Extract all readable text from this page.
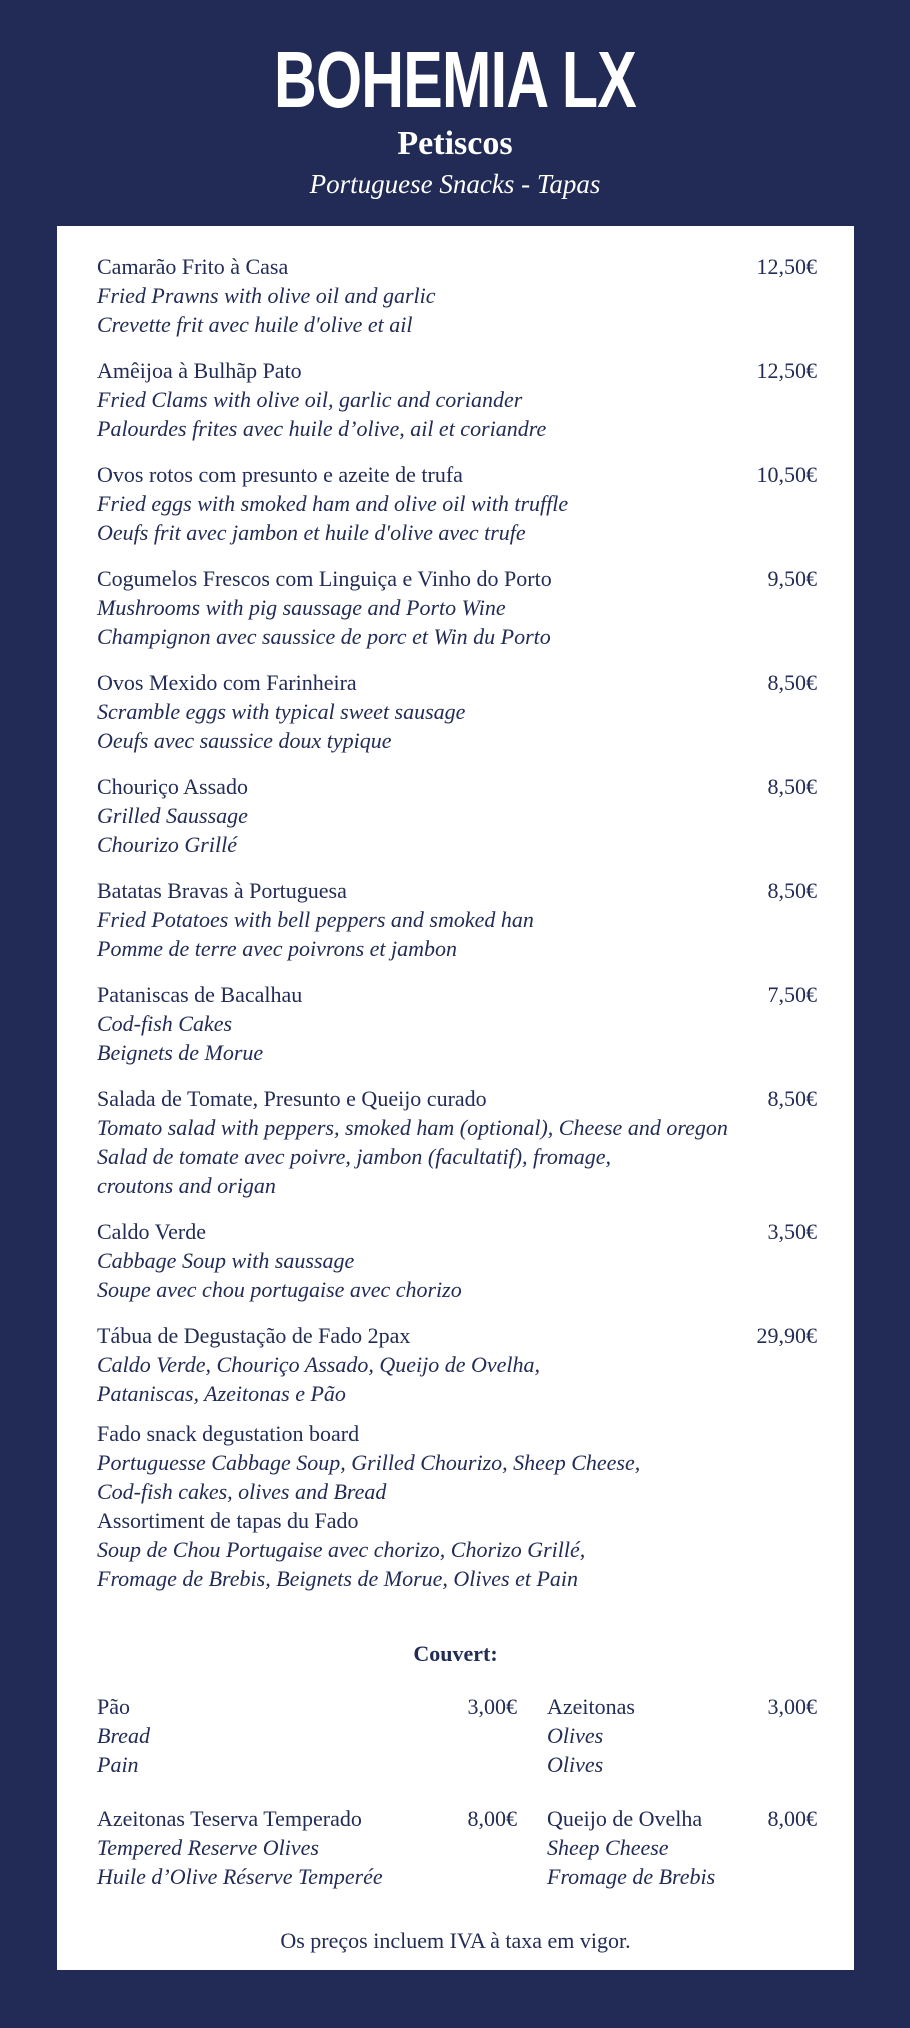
BOHEMIA LX
Petiscos
Portuguese Snacks - Tapas
Camarão Frito à Casa	12,50€
Fried Prawns with olive oil and garlic
Crevette frit avec huile d'olive et ail
Amêijoa à Bulhãp Pato	12,50€
Fried Clams with olive oil, garlic and coriander
Palourdes frites avec huile d’olive, ail et coriandre
Ovos rotos com presunto e azeite de trufa	10,50€
Fried eggs with smoked ham and olive oil with truffle
Oeufs frit avec jambon et huile d'olive avec trufe
Cogumelos Frescos com Linguiça e Vinho do Porto	9,50€
Mushrooms with pig saussage and Porto Wine
Champignon avec saussice de porc et Win du Porto
Ovos Mexido com Farinheira	8,50€
Scramble eggs with typical sweet sausage
Oeufs avec saussice doux typique
Chouriço Assado	8,50€
Grilled Saussage
Chourizo Grillé
Batatas Bravas à Portuguesa	8,50€
Fried Potatoes with bell peppers and smoked han
Pomme de terre avec poivrons et jambon
Pataniscas de Bacalhau	7,50€
Cod-fish Cakes
Beignets de Morue
Salada de Tomate, Presunto e Queijo curado	8,50€
Tomato salad with peppers, smoked ham (optional), Cheese and oregon
Salad de tomate avec poivre, jambon (facultatif), fromage,
croutons and origan
Caldo Verde	3,50€
Cabbage Soup with saussage
Soupe avec chou portugaise avec chorizo
Tábua de Degustação de Fado 2pax	29,90€
Caldo Verde, Chouriço Assado, Queijo de Ovelha,
Pataniscas, Azeitonas e Pão
Fado snack degustation board
Portuguesse Cabbage Soup, Grilled Chourizo, Sheep Cheese,
Cod-fish cakes, olives and Bread
Assortiment de tapas du Fado
Soup de Chou Portugaise avec chorizo, Chorizo Grillé,
Fromage de Brebis, Beignets de Morue, Olives et Pain
Couvert:
Pão	3,00€
Bread
Pain
Azeitonas	3,00€
Olives
Olives
Azeitonas Teserva Temperado	8,00€
Tempered Reserve Olives
Huile d’Olive Réserve Temperée
Queijo de Ovelha	8,00€
Sheep Cheese
Fromage de Brebis
Os preços incluem IVA à taxa em vigor.
